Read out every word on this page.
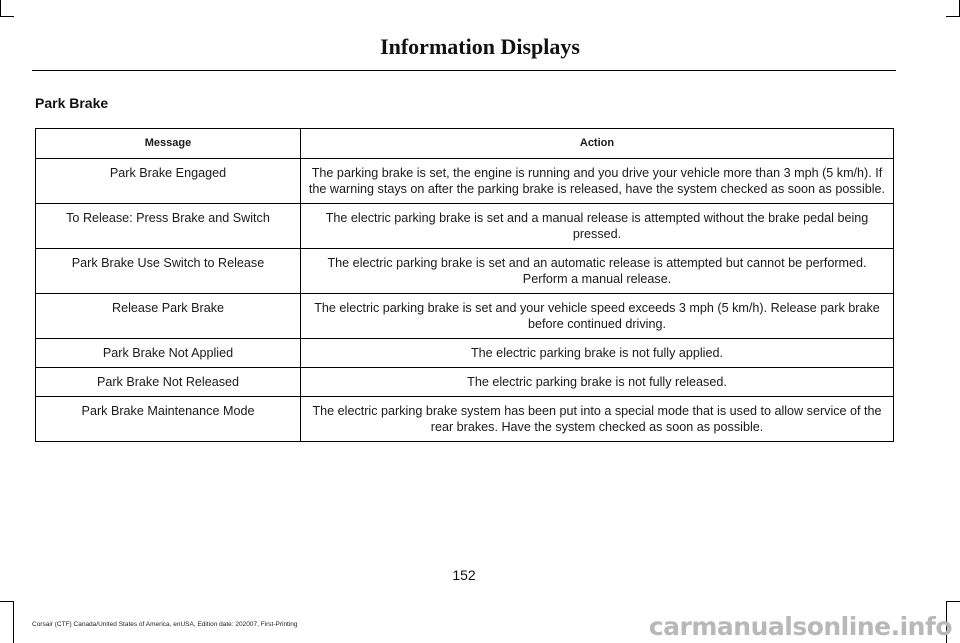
Information Displays
Park Brake
Message	Action
Park Brake Engaged	The parking brake is set, the engine is running and you drive your vehicle more than 3 mph (5 km/h). If the warning stays on after the parking brake is released, have the system checked as soon as possible.
To Release: Press Brake and Switch	The electric parking brake is set and a manual release is attempted without the brake pedal being pressed.
Park Brake Use Switch to Release	The electric parking brake is set and an automatic release is attempted but cannot be performed. Perform a manual release.
Release Park Brake	The electric parking brake is set and your vehicle speed exceeds 3 mph (5 km/h). Release park brake before continued driving.
Park Brake Not Applied	The electric parking brake is not fully applied.
Park Brake Not Released	The electric parking brake is not fully released.
Park Brake Maintenance Mode	The electric parking brake system has been put into a special mode that is used to allow service of the rear brakes. Have the system checked as soon as possible.
152
Corsair (CTF) Canada/United States of America, enUSA, Edition date: 202007, First-Printing	carmanualsonline.info
